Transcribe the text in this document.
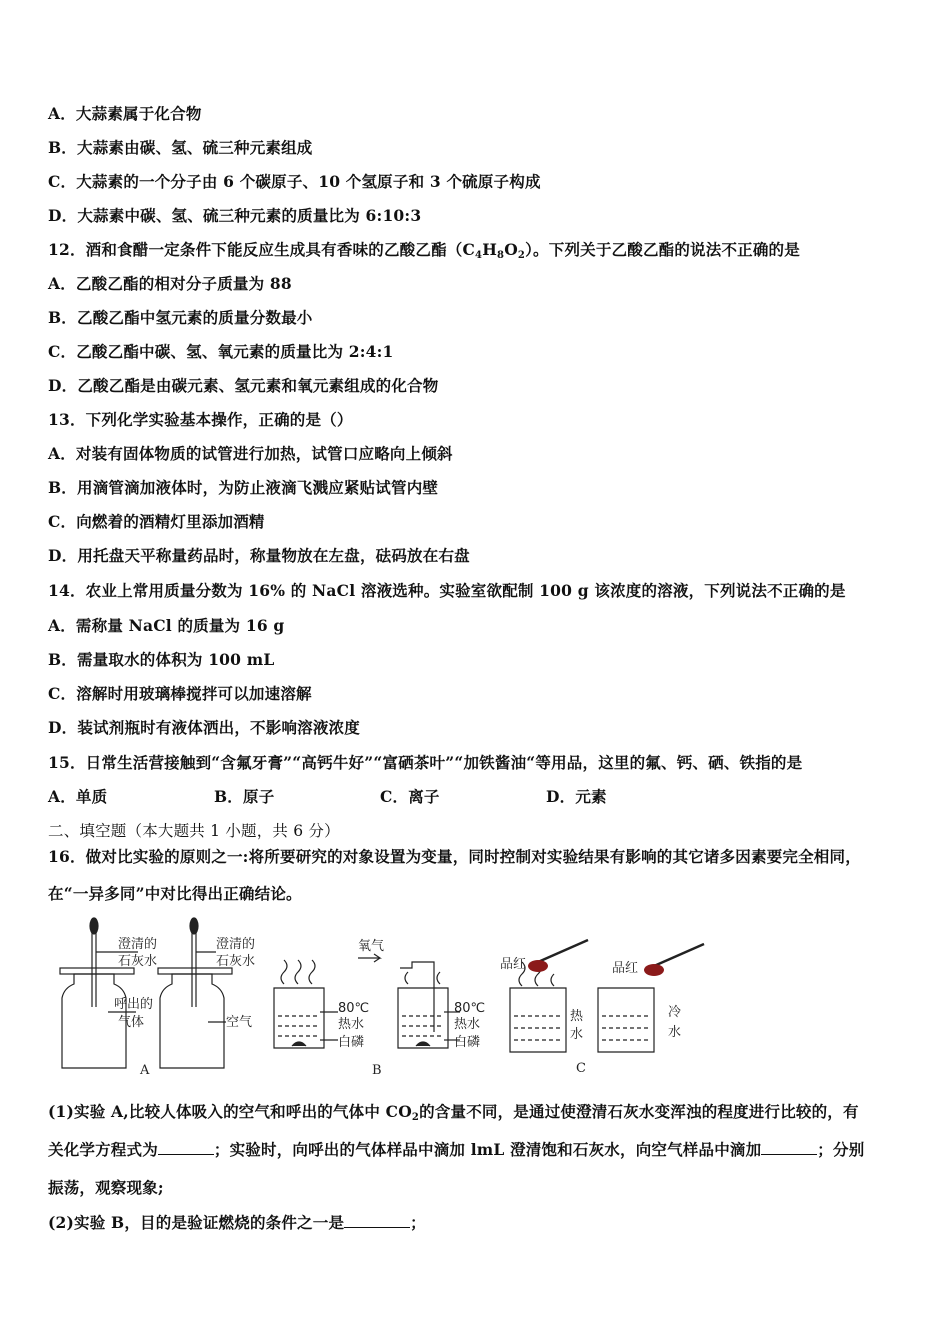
A．大蒜素属于化合物
B．大蒜素由碳、氢、硫三种元素组成
C．大蒜素的一个分子由 6 个碳原子、10 个氢原子和 3 个硫原子构成
D．大蒜素中碳、氢、硫三种元素的质量比为 6:10:3
12．酒和食醋一定条件下能反应生成具有香味的乙酸乙酯$(C_4H_8O_2)$。下列关于乙酸乙酯的说法不正确的是
A．乙酸乙酯的相对分子质量为 88
B．乙酸乙酯中氢元素的质量分数最小
C．乙酸乙酯中碳、氢、氧元素的质量比为 2:4:1
D．乙酸乙酯是由碳元素、氢元素和氧元素组成的化合物
13．下列化学实验基本操作，正确的是（）
A．对装有固体物质的试管进行加热，试管口应略向上倾斜
B．用滴管滴加液体时，为防止液滴飞溅应紧贴试管内壁
C．向燃着的酒精灯里添加酒精
D．用托盘天平称量药品时，称量物放在左盘，砝码放在右盘
14．农业上常用质量分数为 16% 的 NaCl 溶液选种。实验室欲配制 100 g 该浓度的溶液，下列说法不正确的是
A．需称量 NaCl 的质量为 16 g
B．需量取水的体积为 100 mL
C．溶解时用玻璃棒搅拌可以加速溶解
D．装试剂瓶时有液体洒出，不影响溶液浓度
15．日常生活营接触到“含氟牙膏”“高钙牛好”“富硒茶叶”“加铁酱油“等用品，这里的氟、钙、硒、铁指的是
A．单质	B．原子	C．离子	D．元素
二、填空题（本大题共 1 小题，共 6 分）
16．做对比实验的原则之一:将所要研究的对象设置为变量，同时控制对实验结果有影响的其它诸多因素要完全相同，
在“一异多同”中对比得出正确结论。
澄清的
石灰水
澄清的
石灰水
呼出的
气体	空气
氧气
80℃
热水
白磷
80℃
热水
白磷
品红	品红
热
水
冷
水
A	B	C
(1)实验 A,比较人体吸入的空气和呼出的气体中 $CO_2$的含量不同，是通过使澄清石灰水变浑浊的程度进行比较的，有
关化学方程式为	；实验时，向呼出的气体样品中滴加 lmL 澄清饱和石灰水，向空气样品中滴加	；分别
振荡，观察现象;
(2)实验 B，目的是验证燃烧的条件之一是	；
